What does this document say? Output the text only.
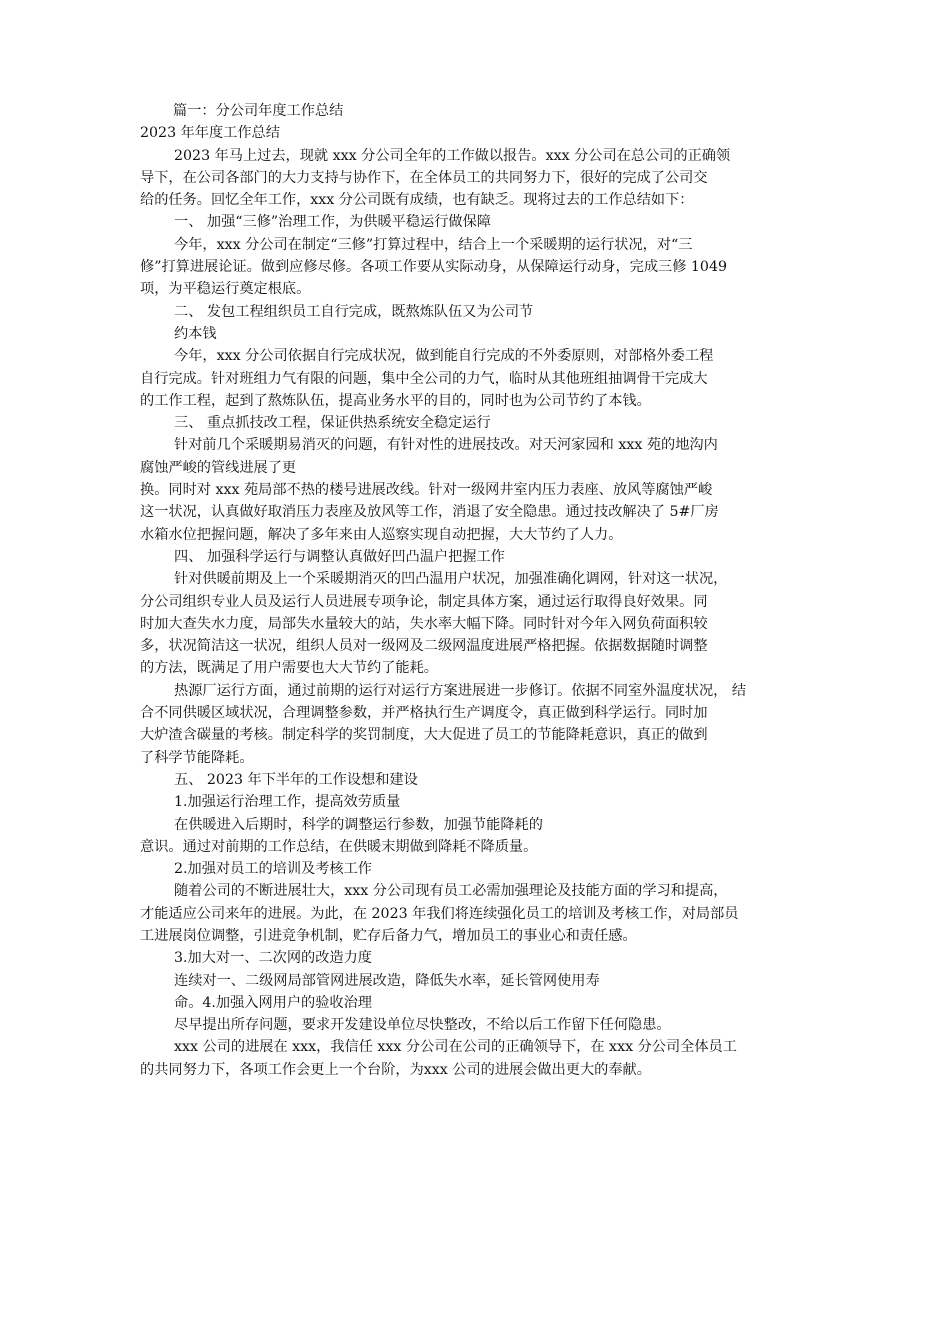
篇一：分公司年度工作总结
2023 年年度工作总结
2023 年马上过去，现就 xxx 分公司全年的工作做以报告。xxx 分公司在总公司的正确领
导下，在公司各部门的大力支持与协作下，在全体员工的共同努力下，很好的完成了公司交
给的任务。回忆全年工作，xxx 分公司既有成绩，也有缺乏。现将过去的工作总结如下：
一、 加强“三修”治理工作，为供暖平稳运行做保障
今年，xxx 分公司在制定“三修”打算过程中，结合上一个采暖期的运行状况，对“三
修”打算进展论证。做到应修尽修。各项工作要从实际动身，从保障运行动身，完成三修 1049
项，为平稳运行奠定根底。
二、 发包工程组织员工自行完成，既熬炼队伍又为公司节
约本钱
今年，xxx 分公司依据自行完成状况，做到能自行完成的不外委原则，对部格外委工程
自行完成。针对班组力气有限的问题，集中全公司的力气，临时从其他班组抽调骨干完成大
的工作工程，起到了熬炼队伍，提高业务水平的目的，同时也为公司节约了本钱。
三、 重点抓技改工程，保证供热系统安全稳定运行
针对前几个采暖期易消灭的问题，有针对性的进展技改。对天河家园和 xxx 苑的地沟内
腐蚀严峻的管线进展了更
换。同时对 xxx 苑局部不热的楼号进展改线。针对一级网井室内压力表座、放风等腐蚀严峻
这一状况，认真做好取消压力表座及放风等工作，消退了安全隐患。通过技改解决了 5#厂房
水箱水位把握问题，解决了多年来由人巡察实现自动把握，大大节约了人力。
四、 加强科学运行与调整认真做好凹凸温户把握工作
针对供暖前期及上一个采暖期消灭的凹凸温用户状况，加强准确化调网，针对这一状况，
分公司组织专业人员及运行人员进展专项争论，制定具体方案，通过运行取得良好效果。同
时加大查失水力度，局部失水量较大的站，失水率大幅下降。同时针对今年入网负荷面积较
多，状况简洁这一状况，组织人员对一级网及二级网温度进展严格把握。依据数据随时调整
的方法，既满足了用户需要也大大节约了能耗。
热源厂运行方面，通过前期的运行对运行方案进展进一步修订。依据不同室外温度状况， 结
合不同供暖区域状况，合理调整参数，并严格执行生产调度令，真正做到科学运行。同时加
大炉渣含碳量的考核。制定科学的奖罚制度，大大促进了员工的节能降耗意识，真正的做到
了科学节能降耗。
五、 2023 年下半年的工作设想和建设
1.加强运行治理工作，提高效劳质量
在供暖进入后期时，科学的调整运行参数，加强节能降耗的
意识。通过对前期的工作总结，在供暖末期做到降耗不降质量。
2.加强对员工的培训及考核工作
随着公司的不断进展壮大，xxx 分公司现有员工必需加强理论及技能方面的学习和提高，
才能适应公司来年的进展。为此，在 2023 年我们将连续强化员工的培训及考核工作，对局部员
工进展岗位调整，引进竞争机制，贮存后备力气，增加员工的事业心和责任感。
3.加大对一、二次网的改造力度
连续对一、二级网局部管网进展改造，降低失水率，延长管网使用寿
命。4.加强入网用户的验收治理
尽早提出所存问题，要求开发建设单位尽快整改，不给以后工作留下任何隐患。
xxx 公司的进展在 xxx，我信任 xxx 分公司在公司的正确领导下，在 xxx 分公司全体员工
的共同努力下，各项工作会更上一个台阶，为xxx 公司的进展会做出更大的奉献。
